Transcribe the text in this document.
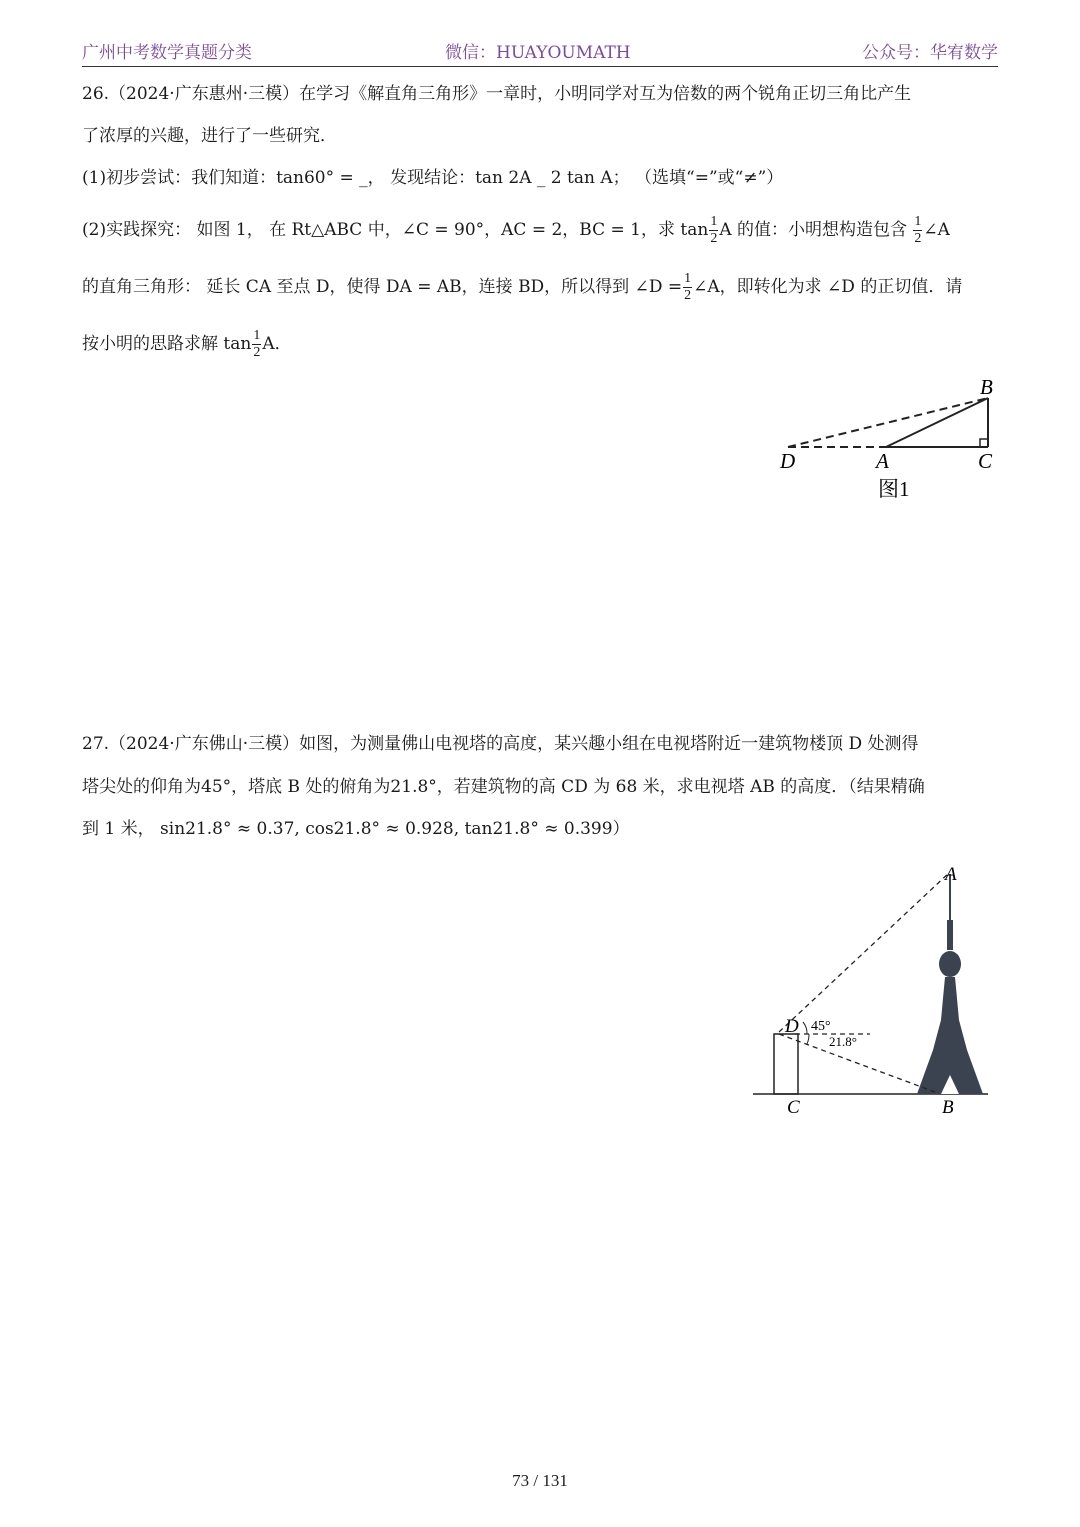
广州中考数学真题分类	微信：HUAYOUMATH	公众号：华宥数学
26.（2024·广东惠州·三模）在学习《解直角三角形》一章时，小明同学对互为倍数的两个锐角正切三角比产生
了浓厚的兴趣，进行了一些研究．
(1)初步尝试：我们知道：tan60° = _， 发现结论：tan 2A _ 2 tan A； （选填“=”或“≠”）
(2)实践探究： 如图 1， 在 Rt△ABC 中，∠C = 90°，AC = 2，BC = 1，求 $\tan \frac{1}{2}$ A 的值：小明想构造包含 $\frac{1}{2}$ ∠A
的直角三角形： 延长 CA 至点 D，使得 DA = AB，连接 BD，所以得到 ∠D = $\frac{1}{2}$ ∠A，即转化为求 ∠D 的正切值．请
按小明的思路求解 $\tan \frac{1}{2}$ A．
B
D	A	C
图1
27.（2024·广东佛山·三模）如图，为测量佛山电视塔的高度，某兴趣小组在电视塔附近一建筑物楼顶 D 处测得
塔尖处的仰角为45°，塔底 B 处的俯角为21.8°，若建筑物的高 CD 为 68 米，求电视塔 AB 的高度．（结果精确
到 1 米， sin21.8° ≈ 0.37, cos21.8° ≈ 0.928, tan21.8° ≈ 0.399）
45°
21.8°
A
D
C	B
73 / 131
